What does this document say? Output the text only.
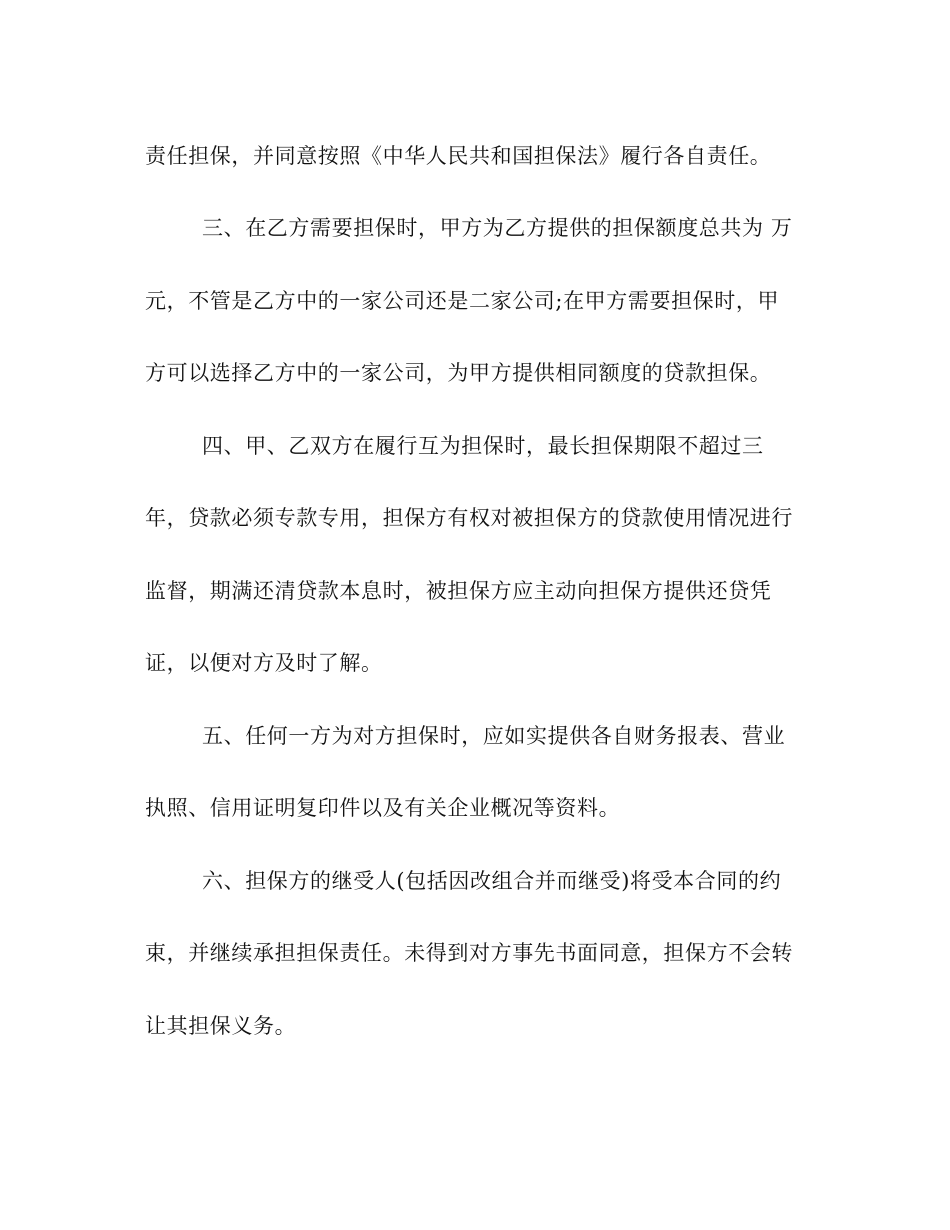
责任担保，并同意按照《中华人民共和国担保法》履行各自责任。
三、在乙方需要担保时，甲方为乙方提供的担保额度总共为 万
元，不管是乙方中的一家公司还是二家公司;在甲方需要担保时，甲
方可以选择乙方中的一家公司，为甲方提供相同额度的贷款担保。
四、甲、乙双方在履行互为担保时，最长担保期限不超过三
年，贷款必须专款专用，担保方有权对被担保方的贷款使用情况进行
监督，期满还清贷款本息时，被担保方应主动向担保方提供还贷凭
证，以便对方及时了解。
五、任何一方为对方担保时，应如实提供各自财务报表、营业
执照、信用证明复印件以及有关企业概况等资料。
六、担保方的继受人(包括因改组合并而继受)将受本合同的约
束，并继续承担担保责任。未得到对方事先书面同意，担保方不会转
让其担保义务。
